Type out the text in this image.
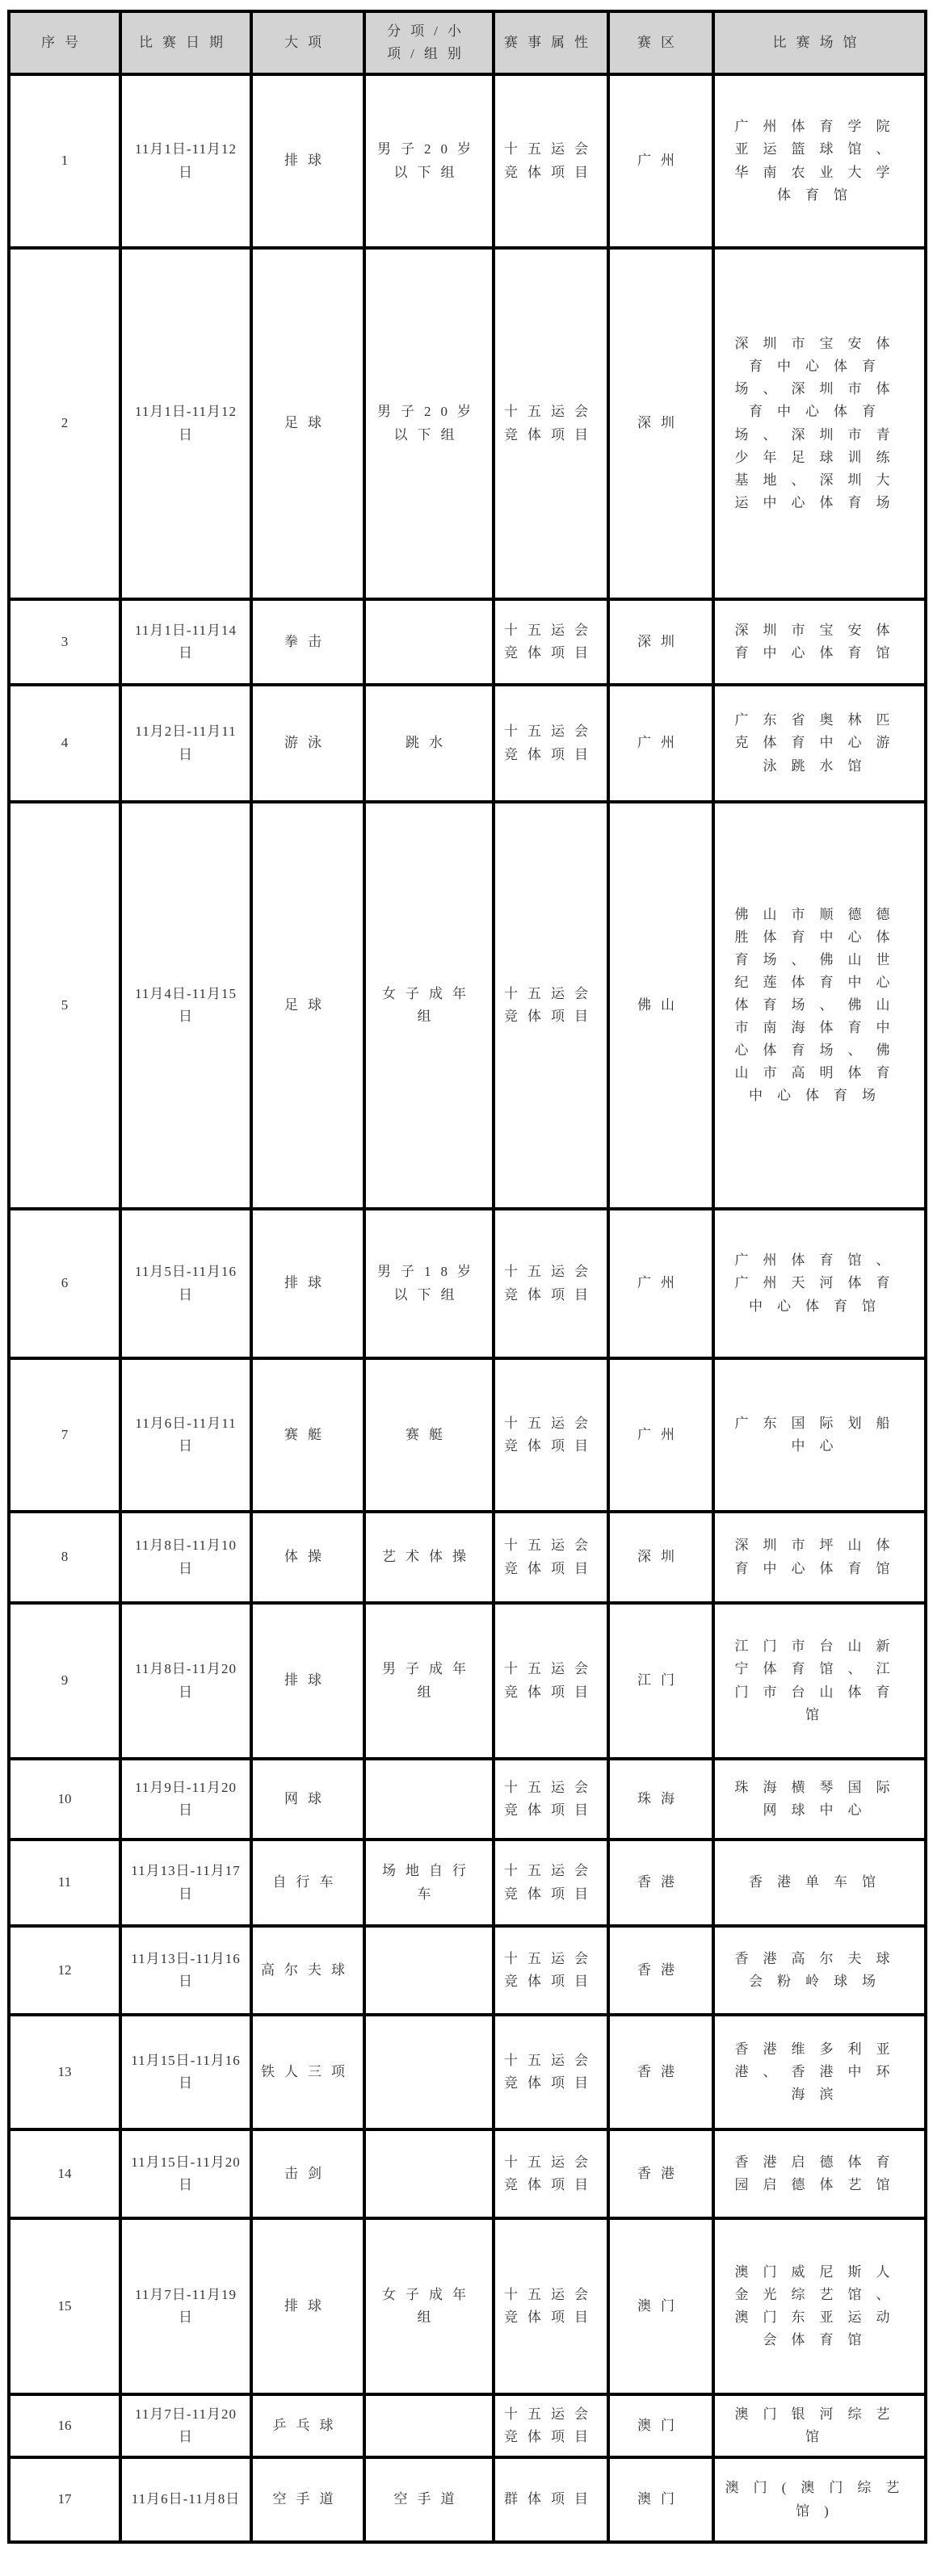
序号	比赛日期	大项	分项/小项/组别	赛事属性	赛区	比赛场馆
1	11月1日-11月12日	排球	男子20岁以下组	十五运会竞体项目	广州	广州体育学院亚运篮球馆、华南农业大学体育馆
2	11月1日-11月12日	足球	男子20岁以下组	十五运会竞体项目	深圳	深圳市宝安体育中心体育场、深圳市体育中心体育场、深圳市青少年足球训练基地、深圳大运中心体育场
3	11月1日-11月14日	拳击		十五运会竞体项目	深圳	深圳市宝安体育中心体育馆
4	11月2日-11月11日	游泳	跳水	十五运会竞体项目	广州	广东省奥林匹克体育中心游泳跳水馆
5	11月4日-11月15日	足球	女子成年组	十五运会竞体项目	佛山	佛山市顺德德胜体育中心体育场、佛山世纪莲体育中心体育场、佛山市南海体育中心体育场、佛山市高明体育中心体育场
6	11月5日-11月16日	排球	男子18岁以下组	十五运会竞体项目	广州	广州体育馆、广州天河体育中心体育馆
7	11月6日-11月11日	赛艇	赛艇	十五运会竞体项目	广州	广东国际划船中心
8	11月8日-11月10日	体操	艺术体操	十五运会竞体项目	深圳	深圳市坪山体育中心体育馆
9	11月8日-11月20日	排球	男子成年组	十五运会竞体项目	江门	江门市台山新宁体育馆、江门市台山体育馆
10	11月9日-11月20日	网球		十五运会竞体项目	珠海	珠海横琴国际网球中心
11	11月13日-11月17日	自行车	场地自行车	十五运会竞体项目	香港	香港单车馆
12	11月13日-11月16日	高尔夫球		十五运会竞体项目	香港	香港高尔夫球会粉岭球场
13	11月15日-11月16日	铁人三项		十五运会竞体项目	香港	香港维多利亚港、香港中环海滨
14	11月15日-11月20日	击剑		十五运会竞体项目	香港	香港启德体育园启德体艺馆
15	11月7日-11月19日	排球	女子成年组	十五运会竞体项目	澳门	澳门威尼斯人金光综艺馆、澳门东亚运动会体育馆
16	11月7日-11月20日	乒乓球		十五运会竞体项目	澳门	澳门银河综艺馆
17	11月6日-11月8日	空手道	空手道	群体项目	澳门	澳门(澳门综艺馆)
